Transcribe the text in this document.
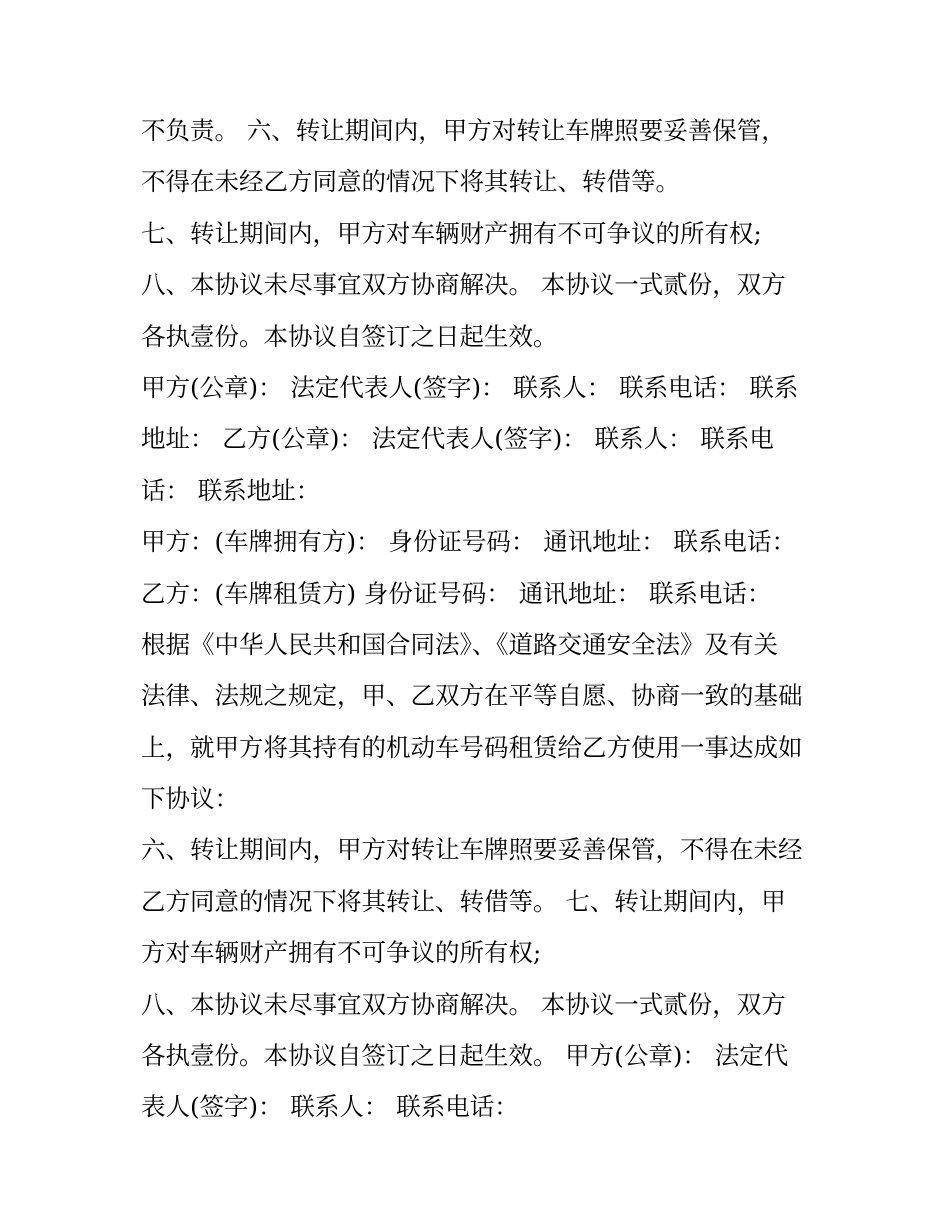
不负责。 六、转让期间内，甲方对转让车牌照要妥善保管，
不得在未经乙方同意的情况下将其转让、转借等。
七、转让期间内，甲方对车辆财产拥有不可争议的所有权;
八、本协议未尽事宜双方协商解决。 本协议一式贰份，双方
各执壹份。本协议自签订之日起生效。
甲方(公章)： 法定代表人(签字)： 联系人： 联系电话： 联系
地址： 乙方(公章)： 法定代表人(签字)： 联系人： 联系电
话： 联系地址：
甲方：(车牌拥有方)： 身份证号码： 通讯地址： 联系电话：
乙方：(车牌租赁方) 身份证号码： 通讯地址： 联系电话：
根据《中华人民共和国合同法》、《道路交通安全法》及有关
法律、法规之规定，甲、乙双方在平等自愿、协商一致的基础
上，就甲方将其持有的机动车号码租赁给乙方使用一事达成如
下协议：
六、转让期间内，甲方对转让车牌照要妥善保管，不得在未经
乙方同意的情况下将其转让、转借等。 七、转让期间内，甲
方对车辆财产拥有不可争议的所有权;
八、本协议未尽事宜双方协商解决。 本协议一式贰份，双方
各执壹份。本协议自签订之日起生效。 甲方(公章)： 法定代
表人(签字)： 联系人： 联系电话：
